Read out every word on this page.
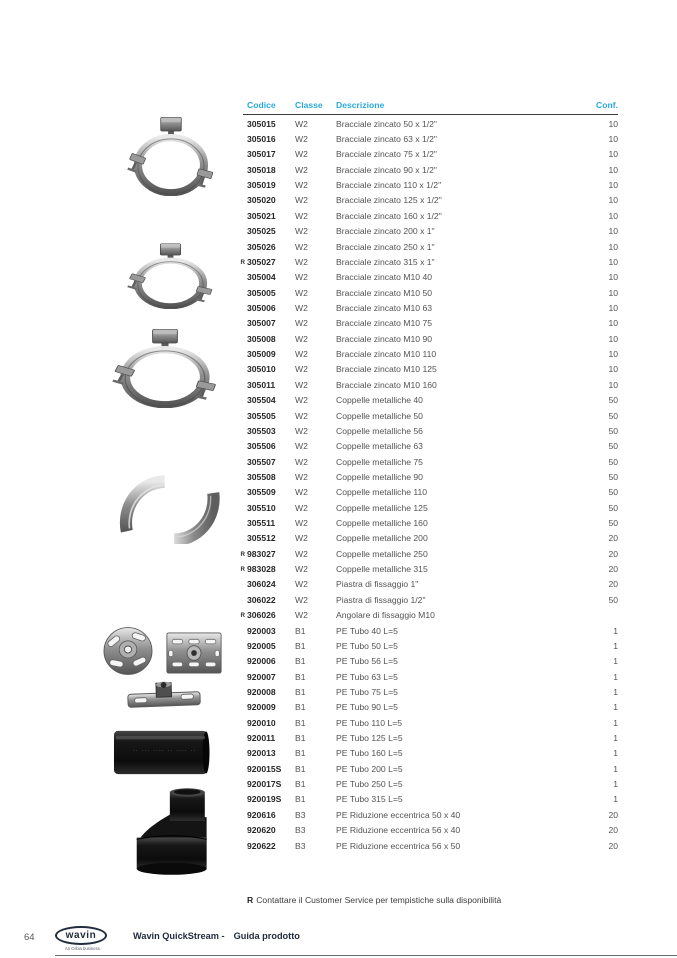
·· ··· ···· ·· ···· ··
Codice	Classe	Descrizione	Conf.
305015	W2	Bracciale zincato 50 x 1/2"	10
305016	W2	Bracciale zincato 63 x 1/2"	10
305017	W2	Bracciale zincato 75 x 1/2"	10
305018	W2	Bracciale zincato 90 x 1/2"	10
305019	W2	Bracciale zincato 110 x 1/2"	10
305020	W2	Bracciale zincato 125 x 1/2"	10
305021	W2	Bracciale zincato 160 x 1/2"	10
305025	W2	Bracciale zincato 200 x 1"	10
305026	W2	Bracciale zincato 250 x 1"	10
R 305027	W2	Bracciale zincato 315 x 1"	10
305004	W2	Bracciale zincato M10 40	10
305005	W2	Bracciale zincato M10 50	10
305006	W2	Bracciale zincato M10 63	10
305007	W2	Bracciale zincato M10 75	10
305008	W2	Bracciale zincato M10 90	10
305009	W2	Bracciale zincato M10 110	10
305010	W2	Bracciale zincato M10 125	10
305011	W2	Bracciale zincato M10 160	10
305504	W2	Coppelle metalliche 40	50
305505	W2	Coppelle metalliche 50	50
305503	W2	Coppelle metalliche 56	50
305506	W2	Coppelle metalliche 63	50
305507	W2	Coppelle metalliche 75	50
305508	W2	Coppelle metalliche 90	50
305509	W2	Coppelle metalliche 110	50
305510	W2	Coppelle metalliche 125	50
305511	W2	Coppelle metalliche 160	50
305512	W2	Coppelle metalliche 200	20
R 983027	W2	Coppelle metalliche 250	20
R 983028	W2	Coppelle metalliche 315	20
306024	W2	Piastra di fissaggio 1"	20
306022	W2	Piastra di fissaggio 1/2"	50
R 306026	W2	Angolare di fissaggio M10
920003	B1	PE Tubo 40 L=5	1
920005	B1	PE Tubo 50 L=5	1
920006	B1	PE Tubo 56 L=5	1
920007	B1	PE Tubo 63 L=5	1
920008	B1	PE Tubo 75 L=5	1
920009	B1	PE Tubo 90 L=5	1
920010	B1	PE Tubo 110 L=5	1
920011	B1	PE Tubo 125 L=5	1
920013	B1	PE Tubo 160 L=5	1
920015S	B1	PE Tubo 200 L=5	1
920017S	B1	PE Tubo 250 L=5	1
920019S	B1	PE Tubo 315 L=5	1
920616	B3	PE Riduzione eccentrica 50 x 40	20
920620	B3	PE Riduzione eccentrica 56 x 40	20
920622	B3	PE Riduzione eccentrica 56 x 50	20
R Contattare il Customer Service per tempistiche sulla disponibilità
64	wavin
An Orbia business.
Wavin QuickStream - Guida prodotto
